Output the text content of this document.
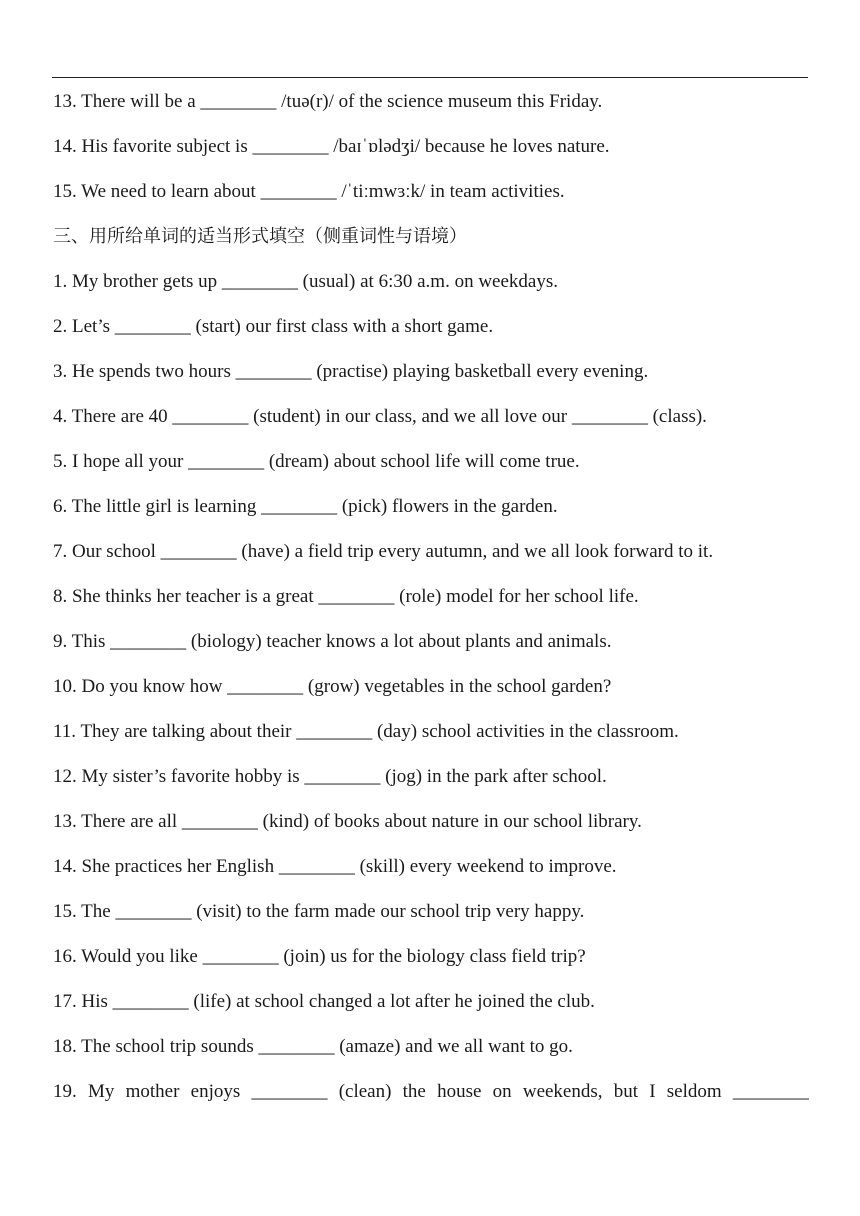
13. There will be a ________ /tuə(r)/ of the science museum this Friday.
14. His favorite subject is ________ /baɪˈɒlədʒi/ because he loves nature.
15. We need to learn about ________ /ˈtiːmwɜːk/ in team activities.
三、用所给单词的适当形式填空（侧重词性与语境）
1. My brother gets up ________ (usual) at 6:30 a.m. on weekdays.
2. Let’s ________ (start) our first class with a short game.
3. He spends two hours ________ (practise) playing basketball every evening.
4. There are 40 ________ (student) in our class, and we all love our ________ (class).
5. I hope all your ________ (dream) about school life will come true.
6. The little girl is learning ________ (pick) flowers in the garden.
7. Our school ________ (have) a field trip every autumn, and we all look forward to it.
8. She thinks her teacher is a great ________ (role) model for her school life.
9. This ________ (biology) teacher knows a lot about plants and animals.
10. Do you know how ________ (grow) vegetables in the school garden?
11. They are talking about their ________ (day) school activities in the classroom.
12. My sister’s favorite hobby is ________ (jog) in the park after school.
13. There are all ________ (kind) of books about nature in our school library.
14. She practices her English ________ (skill) every weekend to improve.
15. The ________ (visit) to the farm made our school trip very happy.
16. Would you like ________ (join) us for the biology class field trip?
17. His ________ (life) at school changed a lot after he joined the club.
18. The school trip sounds ________ (amaze) and we all want to go.
19. My mother enjoys ________ (clean) the house on weekends, but I seldom ________
